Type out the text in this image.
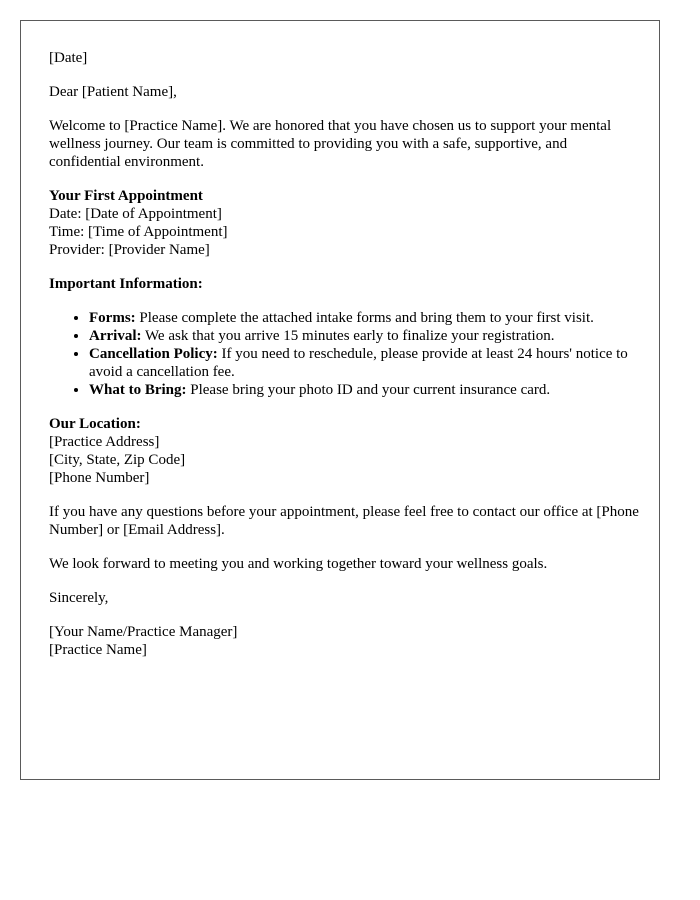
[Date]

Dear [Patient Name],

Welcome to [Practice Name]. We are honored that you have chosen us to support your mental wellness journey. Our team is committed to providing you with a safe, supportive, and confidential environment.

Your First Appointment
Date: [Date of Appointment]
Time: [Time of Appointment]
Provider: [Provider Name]

Important Information:

• Forms: Please complete the attached intake forms and bring them to your first visit.
• Arrival: We ask that you arrive 15 minutes early to finalize your registration.
• Cancellation Policy: If you need to reschedule, please provide at least 24 hours' notice to avoid a cancellation fee.
• What to Bring: Please bring your photo ID and your current insurance card.
Our Location:
[Practice Address]
[City, State, Zip Code]
[Phone Number]

If you have any questions before your appointment, please feel free to contact our office at [Phone Number] or [Email Address].

We look forward to meeting you and working together toward your wellness goals.

Sincerely,

[Your Name/Practice Manager]
[Practice Name]
